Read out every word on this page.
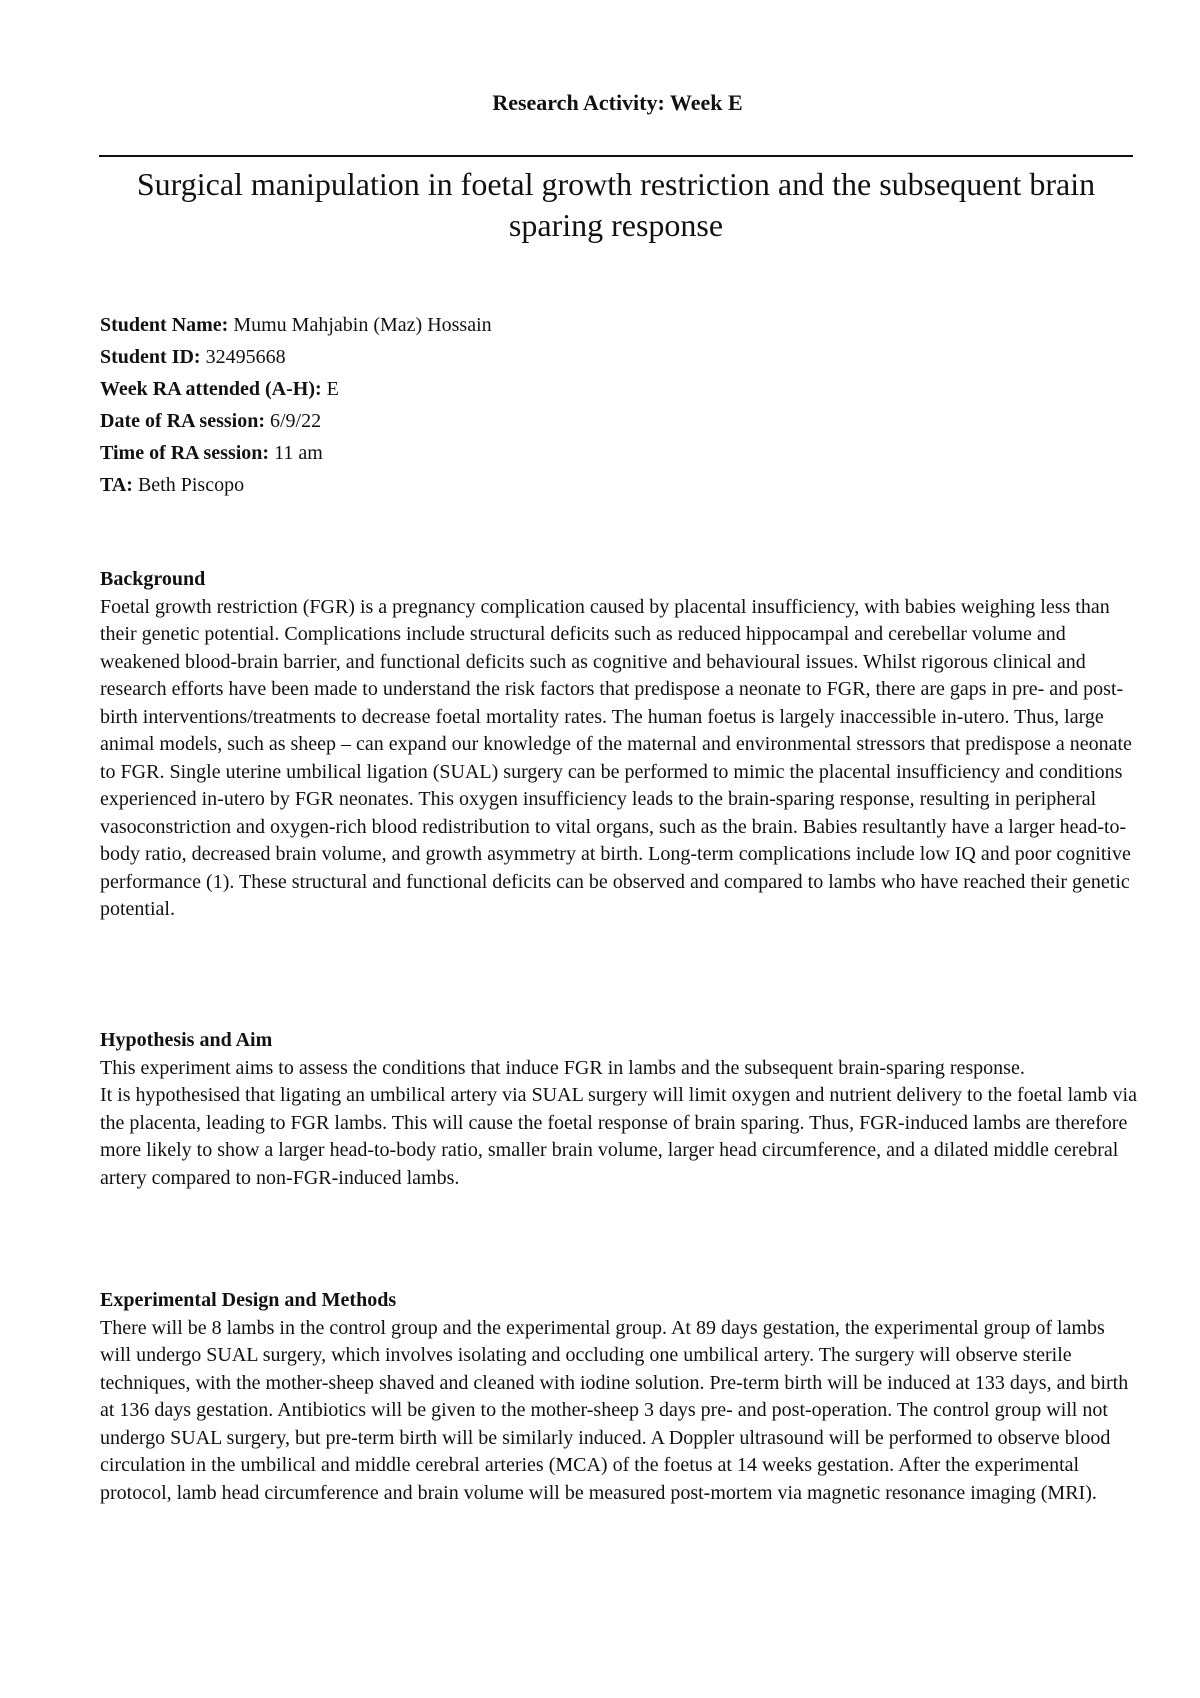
Research Activity: Week E
Surgical manipulation in foetal growth restriction and the subsequent brain sparing response
Student Name: Mumu Mahjabin (Maz) Hossain
Student ID: 32495668
Week RA attended (A-H): E
Date of RA session: 6/9/22
Time of RA session: 11 am
TA: Beth Piscopo
Background

Foetal growth restriction (FGR) is a pregnancy complication caused by placental insufficiency, with babies weighing less than their genetic potential. Complications include structural deficits such as reduced hippocampal and cerebellar volume and weakened blood-brain barrier, and functional deficits such as cognitive and behavioural issues. Whilst rigorous clinical and research efforts have been made to understand the risk factors that predispose a neonate to FGR, there are gaps in pre- and post-birth interventions/treatments to decrease foetal mortality rates. The human foetus is largely inaccessible in-utero. Thus, large animal models, such as sheep – can expand our knowledge of the maternal and environmental stressors that predispose a neonate to FGR. Single uterine umbilical ligation (SUAL) surgery can be performed to mimic the placental insufficiency and conditions experienced in-utero by FGR neonates. This oxygen insufficiency leads to the brain-sparing response, resulting in peripheral vasoconstriction and oxygen-rich blood redistribution to vital organs, such as the brain. Babies resultantly have a larger head-to-body ratio, decreased brain volume, and growth asymmetry at birth. Long-term complications include low IQ and poor cognitive performance (1). These structural and functional deficits can be observed and compared to lambs who have reached their genetic potential.

Hypothesis and Aim

This experiment aims to assess the conditions that induce FGR in lambs and the subsequent brain-sparing response.

It is hypothesised that ligating an umbilical artery via SUAL surgery will limit oxygen and nutrient delivery to the foetal lamb via the placenta, leading to FGR lambs. This will cause the foetal response of brain sparing. Thus, FGR-induced lambs are therefore more likely to show a larger head-to-body ratio, smaller brain volume, larger head circumference, and a dilated middle cerebral artery compared to non-FGR-induced lambs.

Experimental Design and Methods

There will be 8 lambs in the control group and the experimental group. At 89 days gestation, the experimental group of lambs will undergo SUAL surgery, which involves isolating and occluding one umbilical artery. The surgery will observe sterile techniques, with the mother-sheep shaved and cleaned with iodine solution. Pre-term birth will be induced at 133 days, and birth at 136 days gestation. Antibiotics will be given to the mother-sheep 3 days pre- and post-operation. The control group will not undergo SUAL surgery, but pre-term birth will be similarly induced. A Doppler ultrasound will be performed to observe blood circulation in the umbilical and middle cerebral arteries (MCA) of the foetus at 14 weeks gestation. After the experimental protocol, lamb head circumference and brain volume will be measured post-mortem via magnetic resonance imaging (MRI).
